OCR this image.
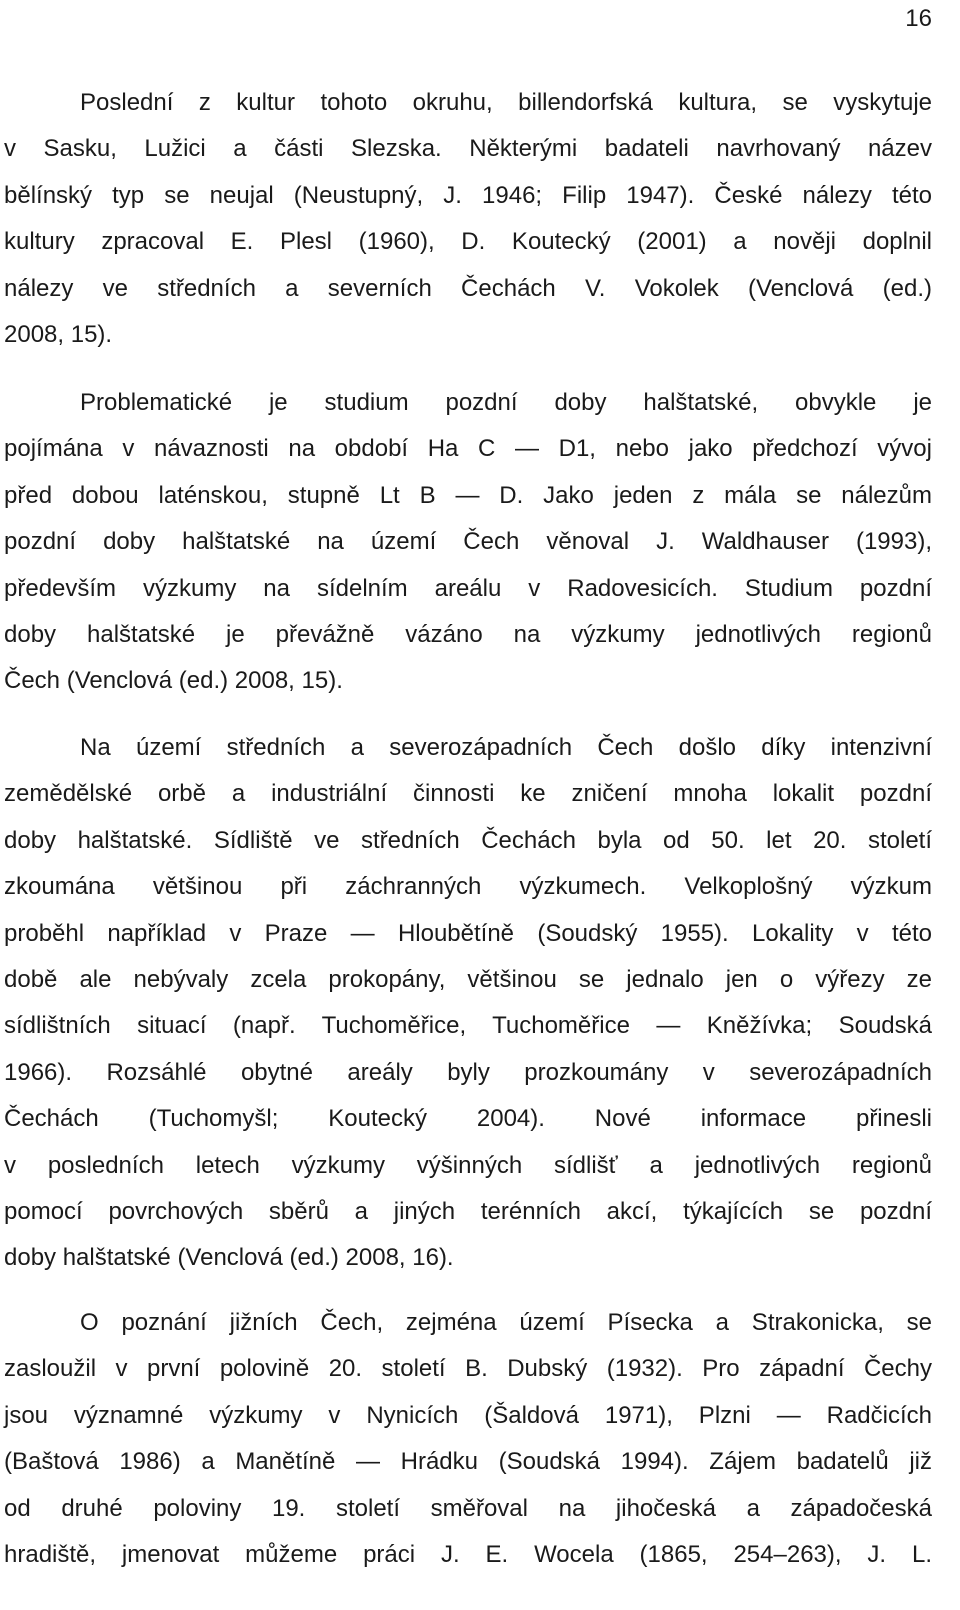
16
Poslední z kultur tohoto okruhu, billendorfská kultura, se vyskytuje
v Sasku, Lužici a části Slezska. Některými badateli navrhovaný název
bělínský typ se neujal (Neustupný, J. 1946; Filip 1947). České nálezy této
kultury zpracoval E. Plesl (1960), D. Koutecký (2001) a nověji doplnil
nálezy ve středních a severních Čechách V. Vokolek (Venclová (ed.)
2008, 15).
Problematické je studium pozdní doby halštatské, obvykle je
pojímána v návaznosti na období Ha C — D1, nebo jako předchozí vývoj
před dobou laténskou, stupně Lt B — D. Jako jeden z mála se nálezům
pozdní doby halštatské na území Čech věnoval J. Waldhauser (1993),
především výzkumy na sídelním areálu v Radovesicích. Studium pozdní
doby halštatské je převážně vázáno na výzkumy jednotlivých regionů
Čech (Venclová (ed.) 2008, 15).
Na území středních a severozápadních Čech došlo díky intenzivní
zemědělské orbě a industriální činnosti ke zničení mnoha lokalit pozdní
doby halštatské. Sídliště ve středních Čechách byla od 50. let 20. století
zkoumána většinou při záchranných výzkumech. Velkoplošný výzkum
proběhl například v Praze — Hloubětíně (Soudský 1955). Lokality v této
době ale nebývaly zcela prokopány, většinou se jednalo jen o výřezy ze
sídlištních situací (např. Tuchoměřice, Tuchoměřice — Kněžívka; Soudská
1966). Rozsáhlé obytné areály byly prozkoumány v severozápadních
Čechách (Tuchomyšl; Koutecký 2004). Nové informace přinesli
v posledních letech výzkumy výšinných sídlišť a jednotlivých regionů
pomocí povrchových sběrů a jiných terénních akcí, týkajících se pozdní
doby halštatské (Venclová (ed.) 2008, 16).
O poznání jižních Čech, zejména území Písecka a Strakonicka, se
zasloužil v první polovině 20. století B. Dubský (1932). Pro západní Čechy
jsou významné výzkumy v Nynicích (Šaldová 1971), Plzni — Radčicích
(Baštová 1986) a Manětíně — Hrádku (Soudská 1994). Zájem badatelů již
od druhé poloviny 19. století směřoval na jihočeská a západočeská
hradiště, jmenovat můžeme práci J. E. Wocela (1865, 254–263), J. L.
